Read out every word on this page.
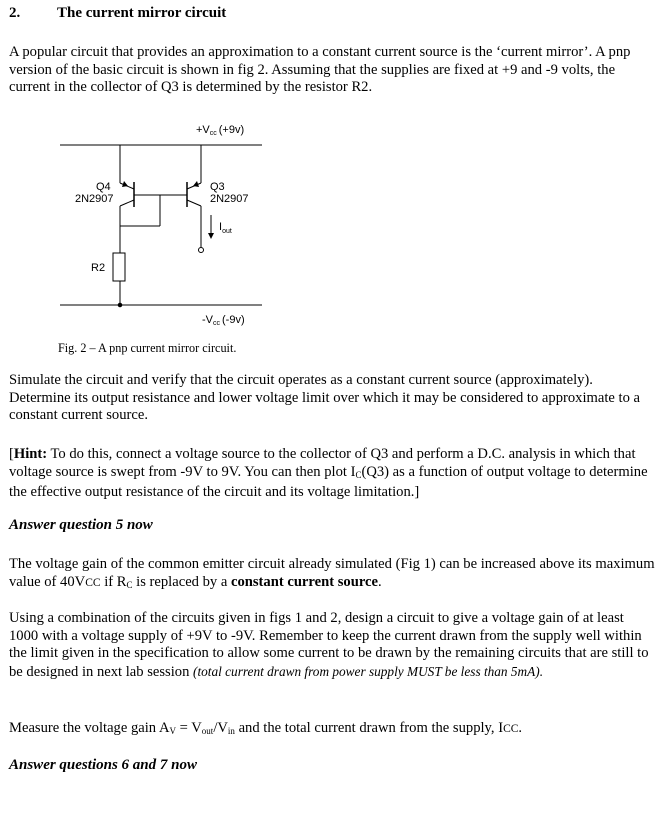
2. The current mirror circuit
A popular circuit that provides an approximation to a constant current source is the ‘current mirror’. A pnp version of the basic circuit is shown in fig 2. Assuming that the supplies are fixed at +9 and -9 volts, the current in the collector of Q3 is determined by the resistor R2.
+Vcc (+9v)
Q4
2N2907
Q3
2N2907
$I_{out}$
R2
-Vcc (-9v)
Fig. 2 – A pnp current mirror circuit.
Simulate the circuit and verify that the circuit operates as a constant current source (approximately). Determine its output resistance and lower voltage limit over which it may be considered to approximate to a constant current source.
[Hint: To do this, connect a voltage source to the collector of Q3 and perform a D.C. analysis in which that voltage source is swept from -9V to 9V. You can then plot $I_C(Q3)$ as a function of output voltage to determine the effective output resistance of the circuit and its voltage limitation.]
Answer question 5 now
The voltage gain of the common emitter circuit already simulated (Fig 1) can be increased above its maximum value of 40VCC if $R_C$ is replaced by a constant current source.
Using a combination of the circuits given in figs 1 and 2, design a circuit to give a voltage gain of at least 1000 with a voltage supply of +9V to -9V. Remember to keep the current drawn from the supply well within the limit given in the specification to allow some current to be drawn by the remaining circuits that are still to be designed in next lab session (total current drawn from power supply MUST be less than 5mA).
Measure the voltage gain $A_V = V_{out}/V_{in}$ and the total current drawn from the supply, ICC.
Answer questions 6 and 7 now
